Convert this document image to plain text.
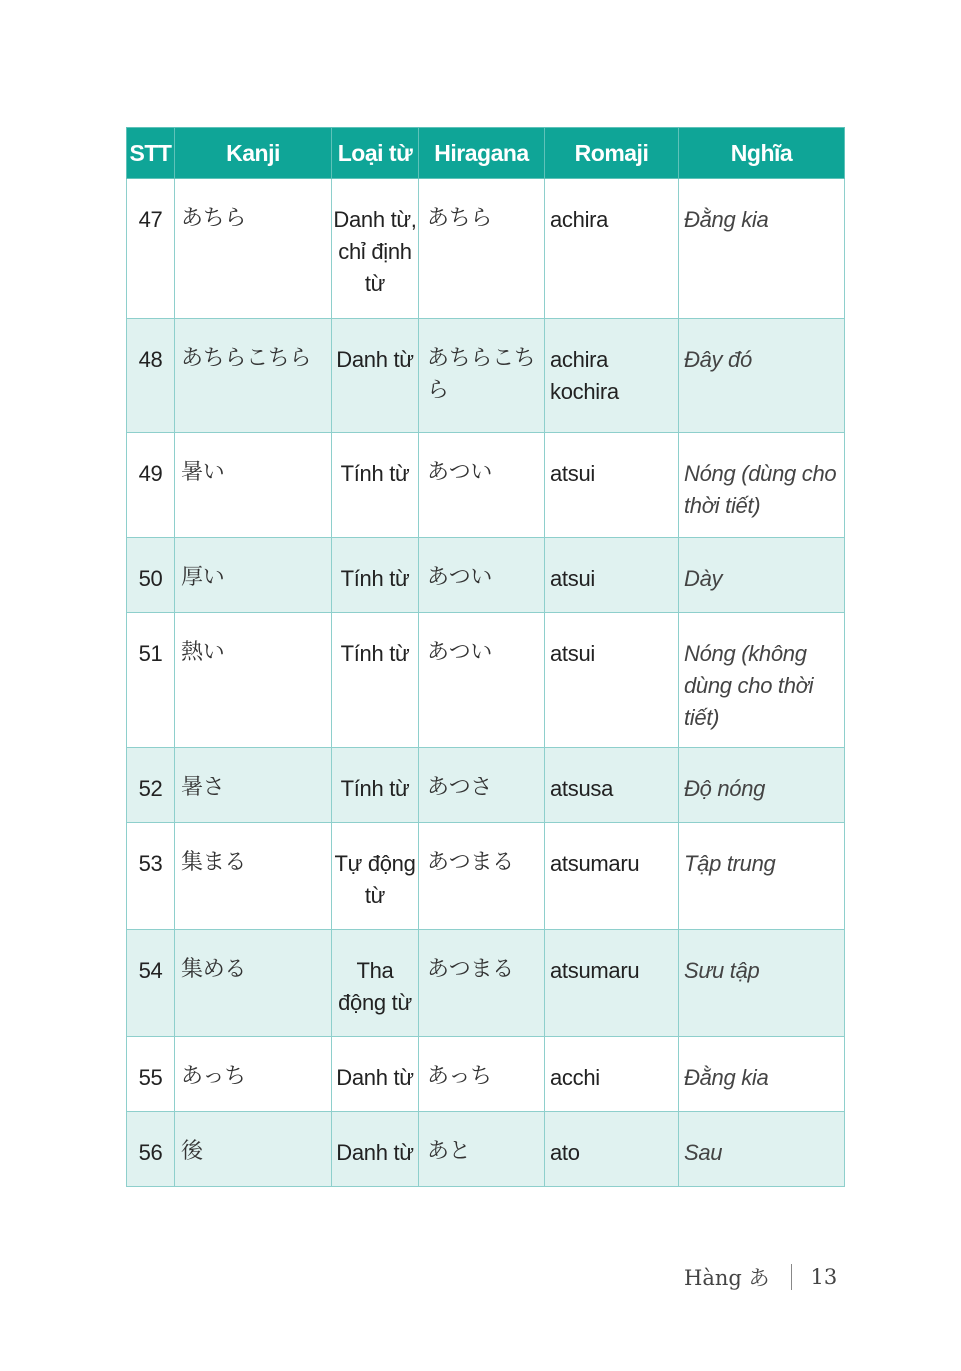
STT	Kanji	Loại từ	Hiragana	Romaji	Nghĩa
47	あちら	Danh từ, chỉ định từ	あちら	achira	Đằng kia
48	あちらこちら	Danh từ	あちらこちら	achira kochira	Đây đó
49	暑い	Tính từ	あつい	atsui	Nóng (dùng cho thời tiết)
50	厚い	Tính từ	あつい	atsui	Dày
51	熱い	Tính từ	あつい	atsui	Nóng (không dùng cho thời tiết)
52	暑さ	Tính từ	あつさ	atsusa	Độ nóng
53	集まる	Tự động từ	あつまる	atsumaru	Tập trung
54	集める	Tha động từ	あつまる	atsumaru	Sưu tập
55	あっち	Danh từ	あっち	acchi	Đằng kia
56	後	Danh từ	あと	ato	Sau
Hàng あ 13
